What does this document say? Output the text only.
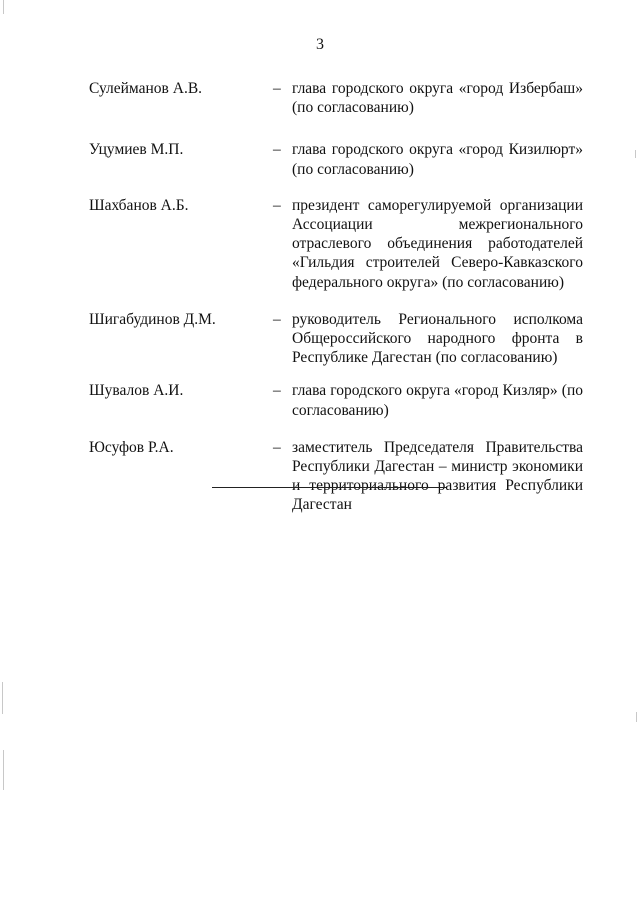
3
Сулейманов А.В.	– глава городского округа «город Избербаш» (по согласованию)
Уцумиев М.П.	– глава городского округа «город Кизилюрт» (по согласованию)
Шахбанов А.Б.	– президент саморегулируемой организации Ассоциации межрегионального отраслевого объединения работодателей «Гильдия строителей Северо-Кавказского федерального округа» (по согласованию)
Шигабудинов Д.М.	– руководитель Регионального исполкома Общероссийского народного фронта в Республике Дагестан (по согласованию)
Шувалов А.И.	– глава городского округа «город Кизляр» (по согласованию)
Юсуфов Р.А.	– заместитель Председателя Правительства Республики Дагестан – министр экономики и территориального развития Республики Дагестан
